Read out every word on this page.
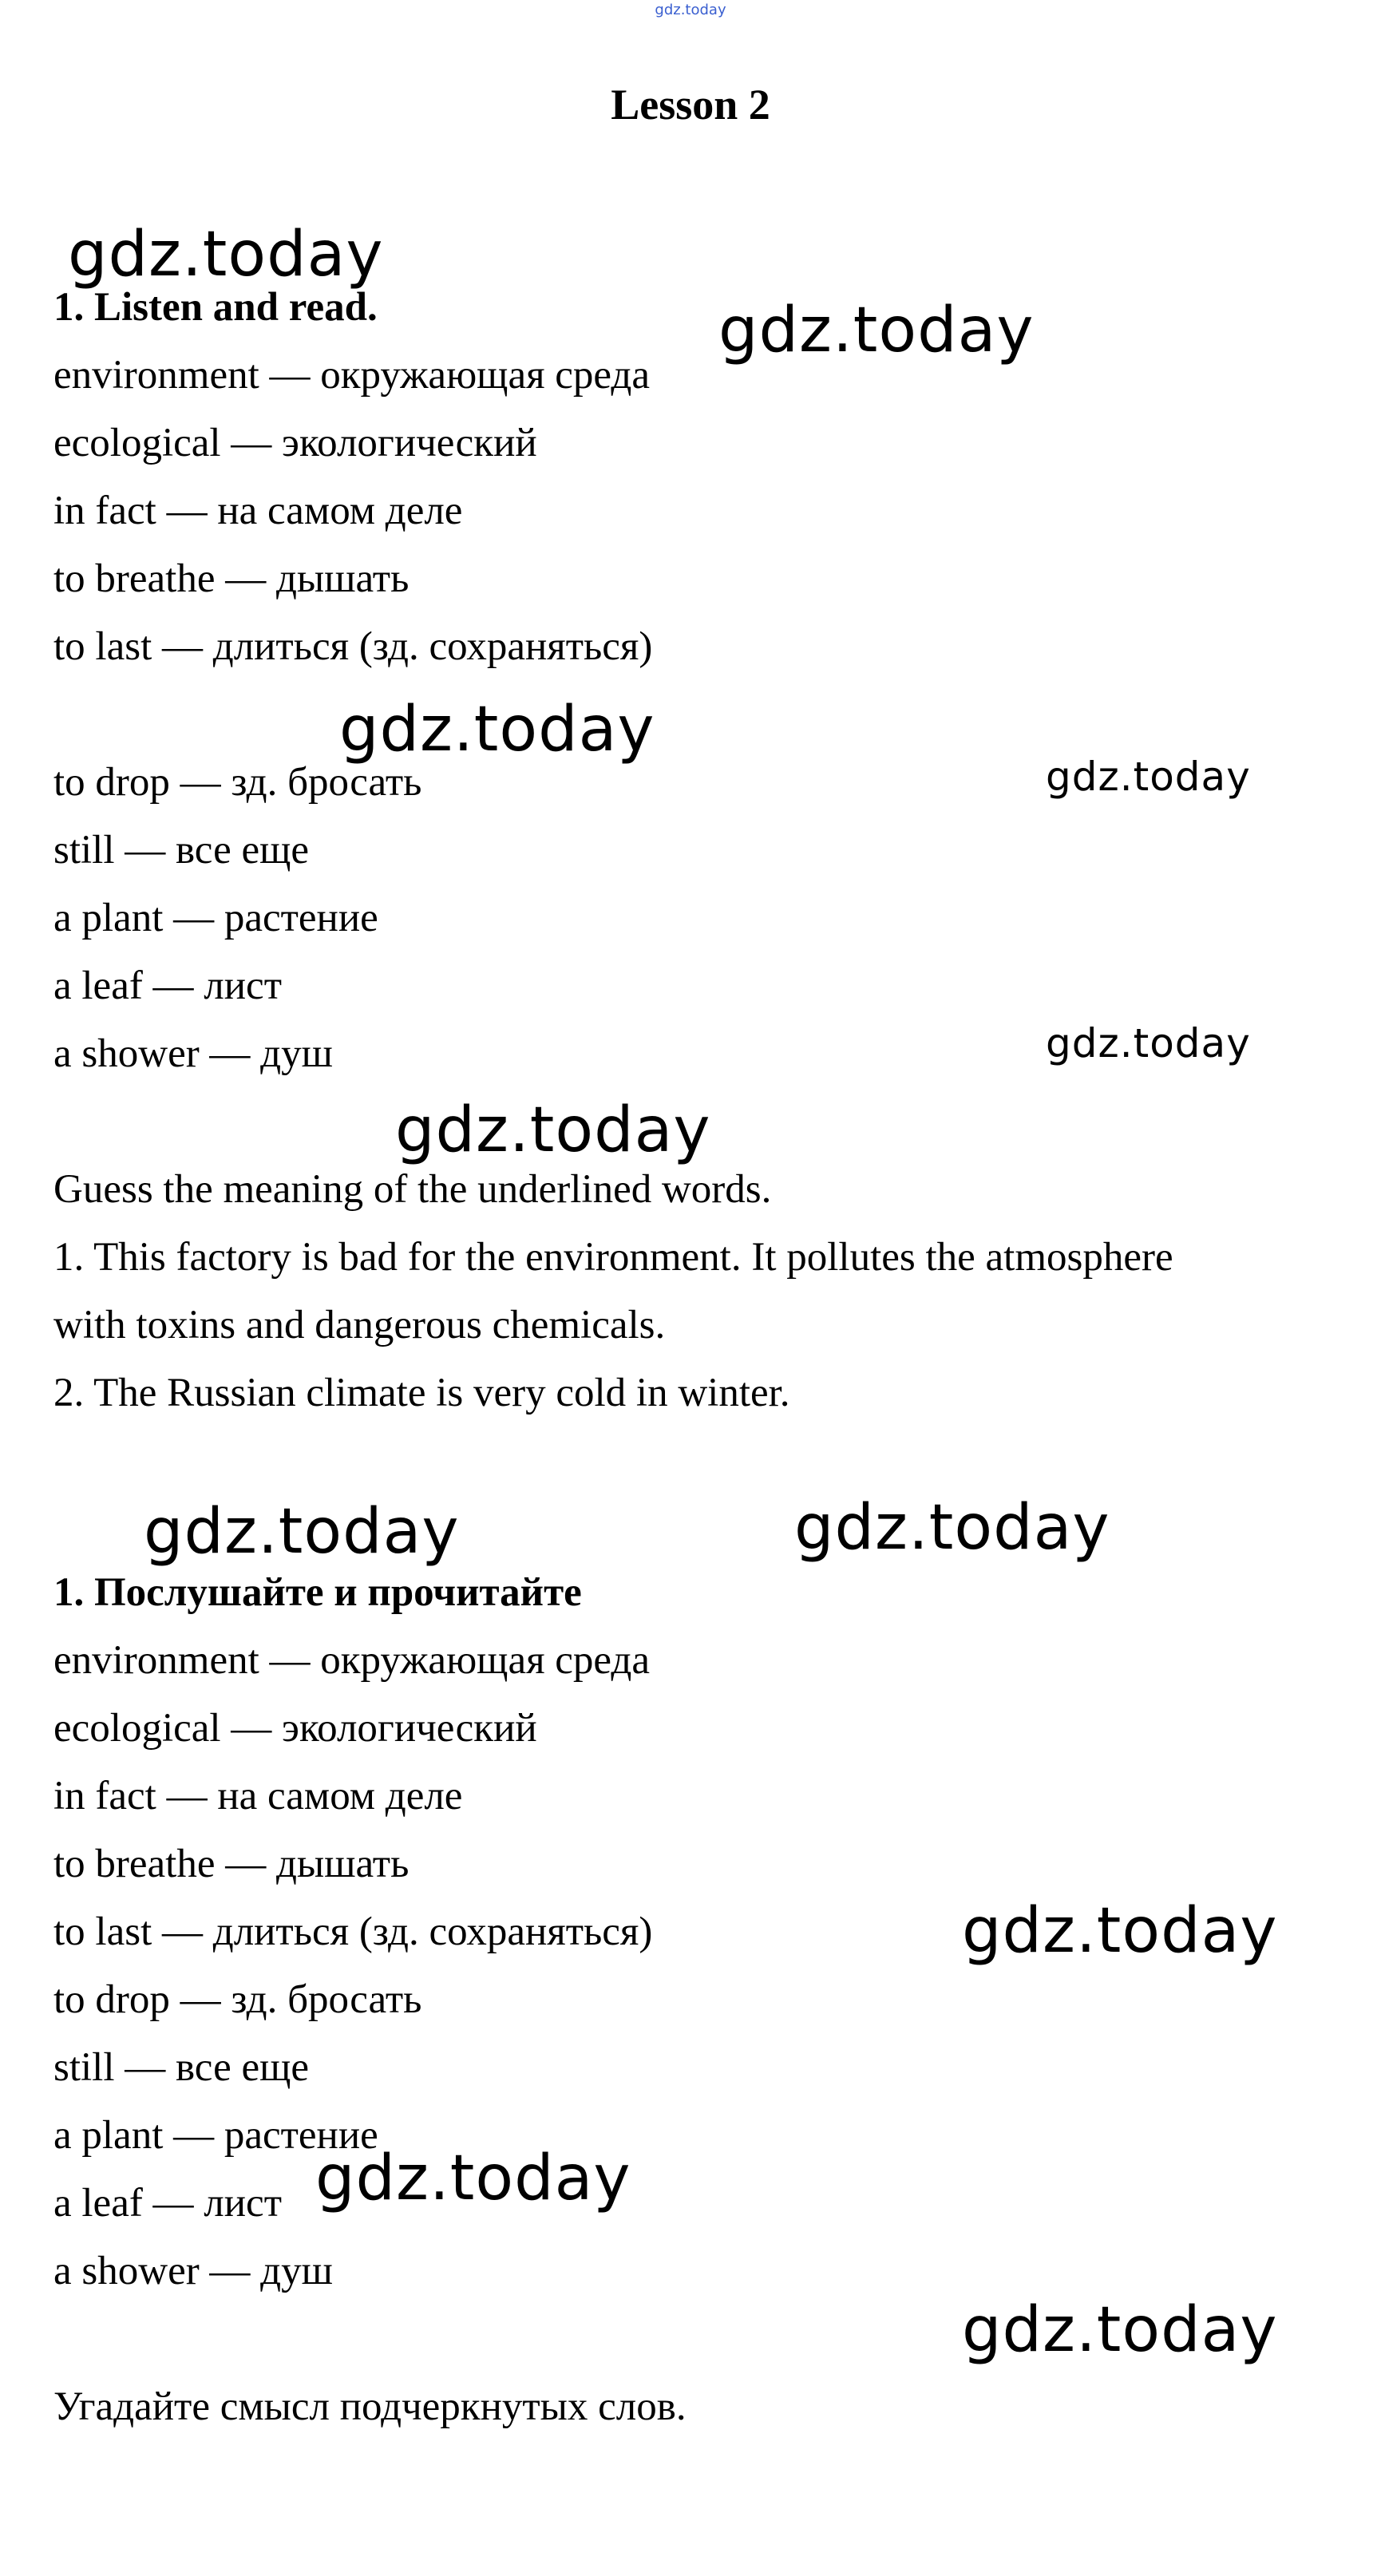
gdz.today
Lesson 2
1. Listen and read.
environment — окружающая среда
ecological — экологический
in fact — на самом деле
to breathe — дышать
to last — длиться (зд. сохраняться)
to drop — зд. бросать
still — все еще
a plant — растение
a leaf — лист
a shower — душ
Guess the meaning of the underlined words.
1. This factory is bad for the environment. It pollutes the atmosphere
with toxins and dangerous chemicals.
2. The Russian climate is very cold in winter.
1. Послушайте и прочитайте
environment — окружающая среда
ecological — экологический
in fact — на самом деле
to breathe — дышать
to last — длиться (зд. сохраняться)
to drop — зд. бросать
still — все еще
a plant — растение
a leaf — лист
a shower — душ
Угадайте смысл подчеркнутых слов.
gdz.today
gdz.today
gdz.today
gdz.today
gdz.today
gdz.today
gdz.today	gdz.today
gdz.today
gdz.today
gdz.today
